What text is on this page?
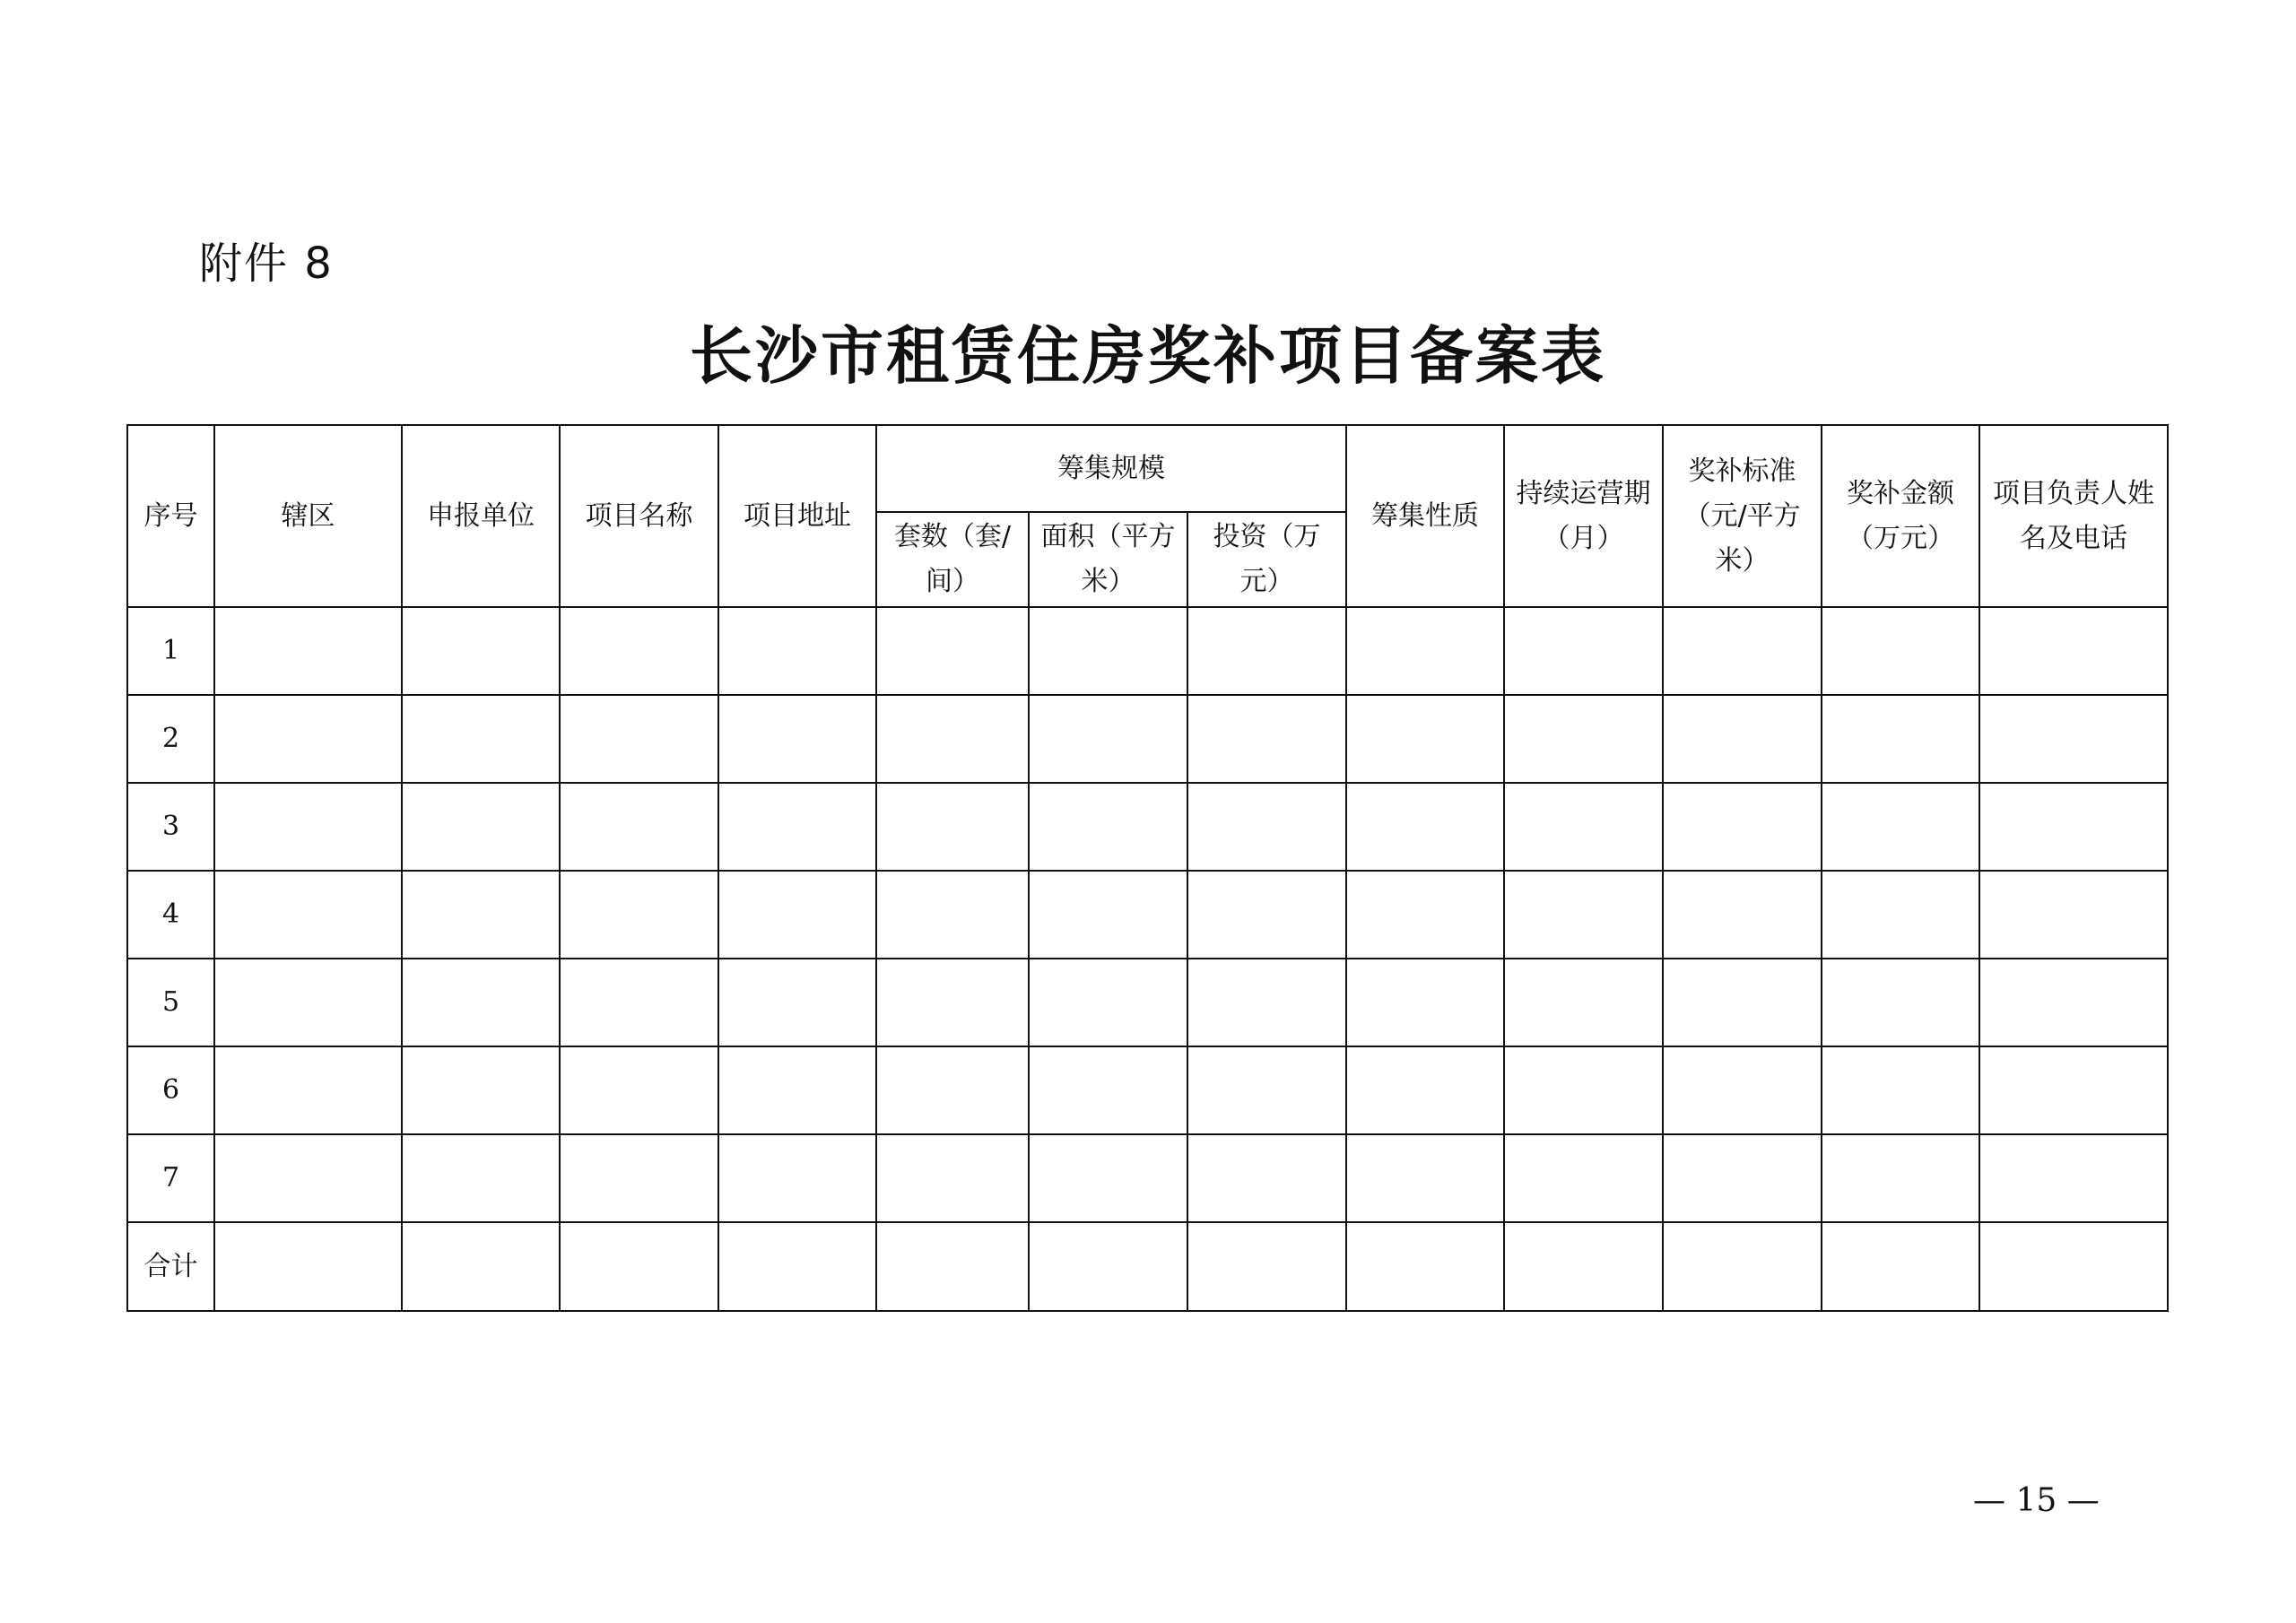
附件 8

长沙市租赁住房奖补项目备案表
序号	辖区	申报单位	项目名称	项目地址	筹集规模			筹集性质	持续运营期（月）	奖补标准（元/平方米）	奖补金额（万元）	项目负责人姓名及电话
					套数（套/间）	面积（平方米）	投资（万元）					
1												
2												
3												
4												
5												
6												
7												
合计												

— 15 —
